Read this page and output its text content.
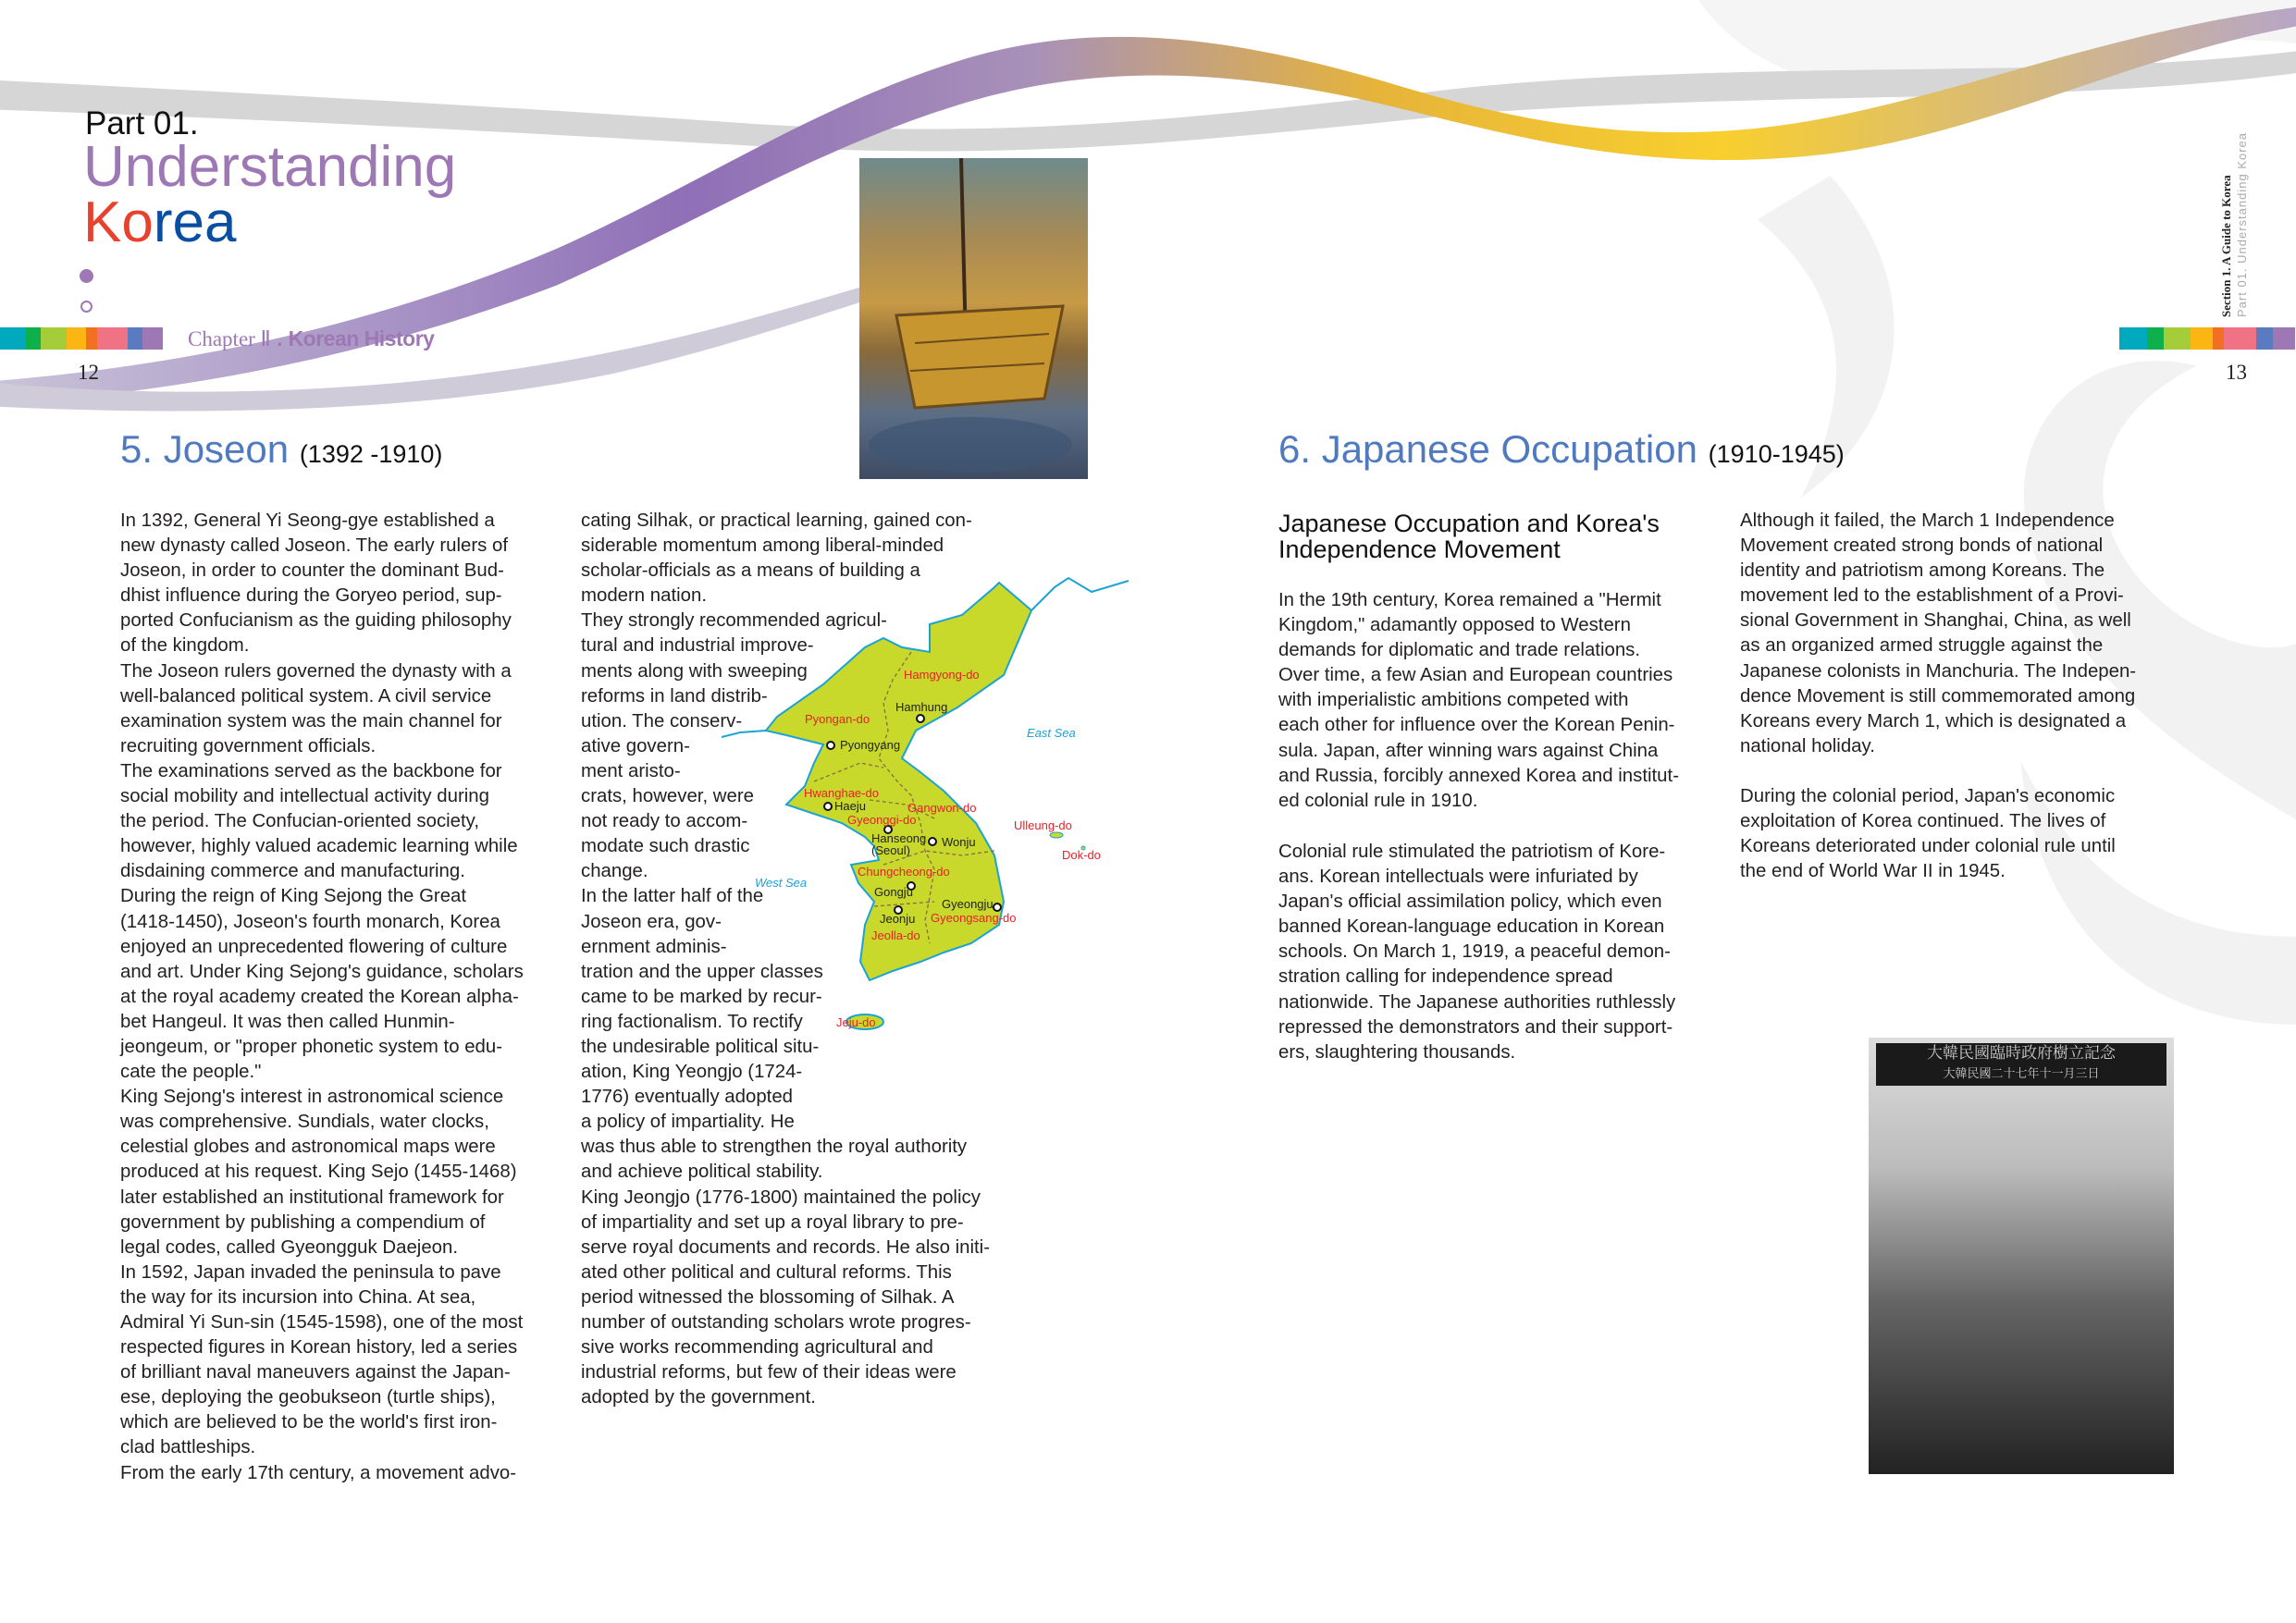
Part 01.
Understanding
Korea
Chapter Ⅱ . Korean History
12
Section 1. A Guide to Korea Part 01. Understanding Korea
13
5. Joseon (1392 -1910)
In 1392, General Yi Seong-gye established a
new dynasty called Joseon. The early rulers of
Joseon, in order to counter the dominant Bud-
dhist influence during the Goryeo period, sup-
ported Confucianism as the guiding philosophy
of the kingdom.
The Joseon rulers governed the dynasty with a
well-balanced political system. A civil service
examination system was the main channel for
recruiting government officials.
The examinations served as the backbone for
social mobility and intellectual activity during
the period. The Confucian-oriented society,
however, highly valued academic learning while
disdaining commerce and manufacturing.
During the reign of King Sejong the Great
(1418-1450), Joseon's fourth monarch, Korea
enjoyed an unprecedented flowering of culture
and art. Under King Sejong's guidance, scholars
at the royal academy created the Korean alpha-
bet Hangeul. It was then called Hunmin-
jeongeum, or "proper phonetic system to edu-
cate the people."
King Sejong's interest in astronomical science
was comprehensive. Sundials, water clocks,
celestial globes and astronomical maps were
produced at his request. King Sejo (1455-1468)
later established an institutional framework for
government by publishing a compendium of
legal codes, called Gyeongguk Daejeon.
In 1592, Japan invaded the peninsula to pave
the way for its incursion into China. At sea,
Admiral Yi Sun-sin (1545-1598), one of the most
respected figures in Korean history, led a series
of brilliant naval maneuvers against the Japan-
ese, deploying the geobukseon (turtle ships),
which are believed to be the world's first iron-
clad battleships.
From the early 17th century, a movement advo-
cating Silhak, or practical learning, gained con-
siderable momentum among liberal-minded
scholar-officials as a means of building a
modern nation.
They strongly recommended agricul-
tural and industrial improve-
ments along with sweeping
reforms in land distrib-
ution. The conserv-
ative govern-
ment aristo-
crats, however, were
not ready to accom-
modate such drastic
change.
In the latter half of the
Joseon era, gov-
ernment adminis-
tration and the upper classes
came to be marked by recur-
ring factionalism. To rectify
the undesirable political situ-
ation, King Yeongjo (1724-
1776) eventually adopted
a policy of impartiality. He
was thus able to strengthen the royal authority
and achieve political stability.
King Jeongjo (1776-1800) maintained the policy
of impartiality and set up a royal library to pre-
serve royal documents and records. He also initi-
ated other political and cultural reforms. This
period witnessed the blossoming of Silhak. A
number of outstanding scholars wrote progres-
sive works recommending agricultural and
industrial reforms, but few of their ideas were
adopted by the government.
Hamgyong-do
Pyongan-do
Hwanghae-do
Gangwon-do
Gyeonggi-do
Chungcheong-do
Gyeongsang-do
Jeolla-do
Jeju-do
Ulleung-do
Dok-do
Hamhung
Pyongyang
Haeju
Hanseong
(Seoul)
Wonju
Gongju
Gyeongju
Jeonju
East Sea
West Sea
6. Japanese Occupation (1910-1945)
Japanese Occupation and Korea's
Independence Movement
In the 19th century, Korea remained a "Hermit
Kingdom," adamantly opposed to Western
demands for diplomatic and trade relations.
Over time, a few Asian and European countries
with imperialistic ambitions competed with
each other for influence over the Korean Penin-
sula. Japan, after winning wars against China
and Russia, forcibly annexed Korea and institut-
ed colonial rule in 1910.
Colonial rule stimulated the patriotism of Kore-
ans. Korean intellectuals were infuriated by
Japan's official assimilation policy, which even
banned Korean-language education in Korean
schools. On March 1, 1919, a peaceful demon-
stration calling for independence spread
nationwide. The Japanese authorities ruthlessly
repressed the demonstrators and their support-
ers, slaughtering thousands.
Although it failed, the March 1 Independence
Movement created strong bonds of national
identity and patriotism among Koreans. The
movement led to the establishment of a Provi-
sional Government in Shanghai, China, as well
as an organized armed struggle against the
Japanese colonists in Manchuria. The Indepen-
dence Movement is still commemorated among
Koreans every March 1, which is designated a
national holiday.
During the colonial period, Japan's economic
exploitation of Korea continued. The lives of
Koreans deteriorated under colonial rule until
the end of World War II in 1945.
大韓民國臨時政府樹立記念
大韓民國二十七年十一月三日
